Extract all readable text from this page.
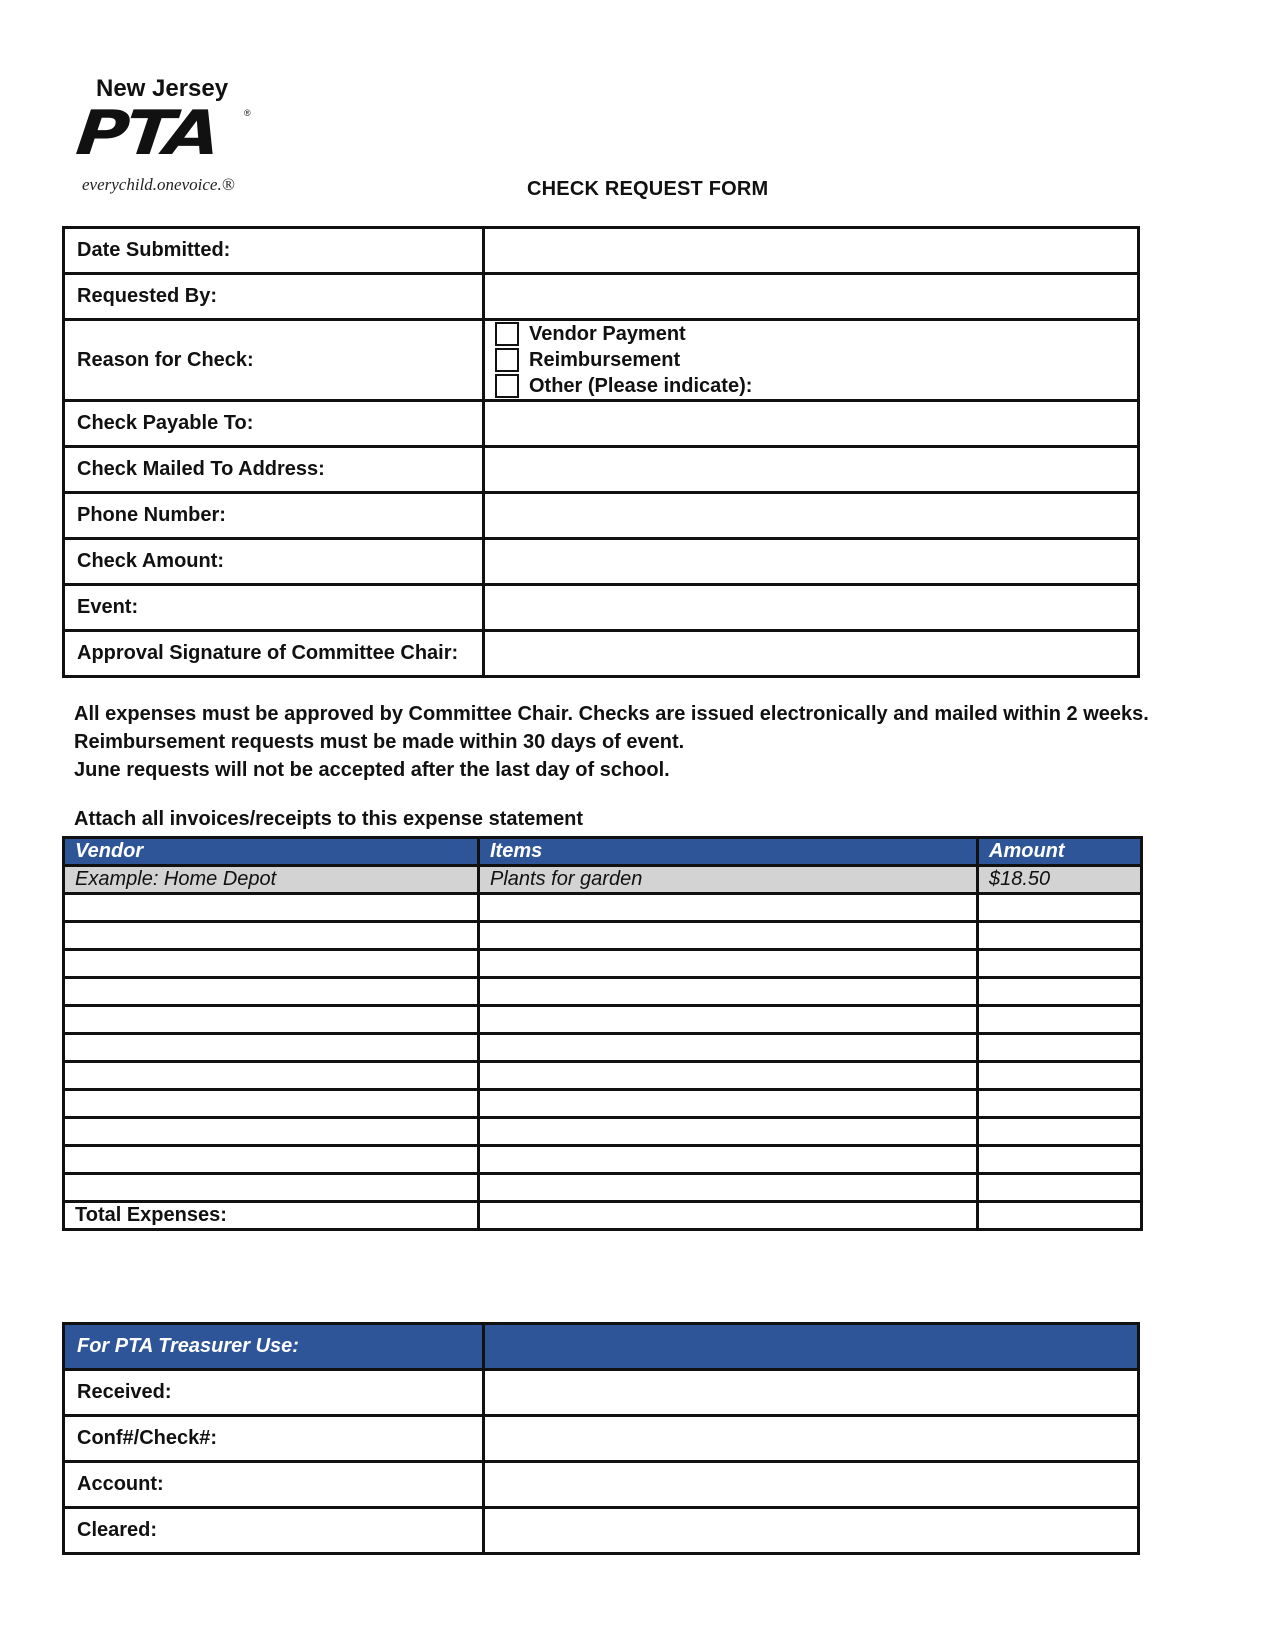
New Jersey
PTA	®
everychild.onevoice.®	CHECK REQUEST FORM
Date Submitted:	
Requested By:	
Reason for Check:	Vendor Payment
Reimbursement
Other (Please indicate):

Check Payable To:	
Check Mailed To Address:	
Phone Number:	
Check Amount:	
Event:	
Approval Signature of Committee Chair:	
All expenses must be approved by Committee Chair. Checks are issued electronically and mailed within 2 weeks.
Reimbursement requests must be made within 30 days of event.
June requests will not be accepted after the last day of school.
Attach all invoices/receipts to this expense statement
Vendor	Items	Amount
Example: Home Depot	Plants for garden	$18.50

Total Expenses:		
For PTA Treasurer Use:	
Received:	
Conf#/Check#:	
Account:	
Cleared:	
